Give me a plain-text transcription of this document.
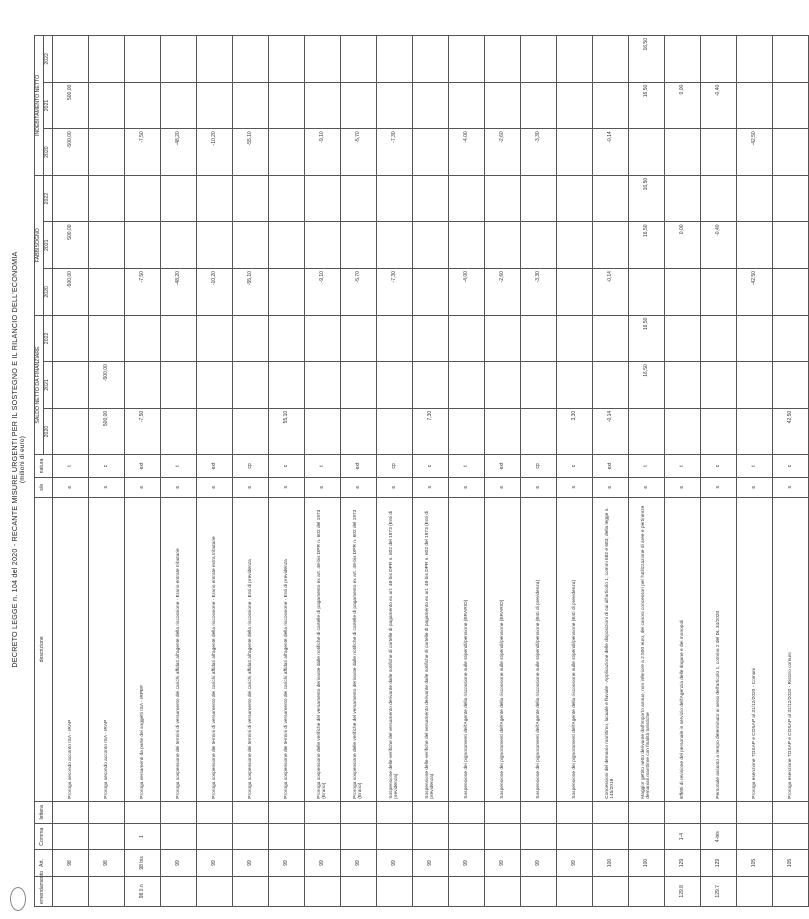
DECRETO LEGGE n. 104 del 2020 - RECANTE MISURE URGENTI PER IL SOSTEGNO E IL RILANCIO DELL'ECONOMIA (milioni di euro)
emendamento	Art.	Comma	lettera	descrizione	s/e	natura	SALDO NETTO DA FINANZIARE			FABBISOGNO			INDEBITAMENTO NETTO		
							2020	2021	2022	2020	2021	2022	2020	2021	2022
	98			Proroga secondo acconto ISA - IRAP	e	t				-500,00	500,00		-500,00	500,00	
	98			Proroga secondo acconto ISA - IRAP	s	c	500,00	-500,00							
98.0.n	98 bis	1		Proroga versamenti da parte dei soggetti ISA - IRPEF	e	ext	-7,50			-7,50			-7,50		
	99			Proroga sospensione dei termini di versamento dei carichi affidati all'agente della riscossione - Erario entrate tributarie	e	t				-48,20			-48,20		
	99			Proroga sospensione dei termini di versamento dei carichi affidati all'agente della riscossione - Erario entrate extra tributarie	e	ext				-10,20			-10,20		
	99			Proroga sospensione dei termini di versamento dei carichi affidati all'agente della riscossione - Enti di previdenza	e	cp				-55,10			-55,10		
	99			Proroga sospensione dei termini di versamento dei carichi affidati all'agente della riscossione - Enti di previdenza	s	c	55,10								
	99			Proroga sospensione delle verifiche del versamento derivante dalle notifiche di cartelle di pagamento ex art. 48-bis DPR n. 602 del 1973 (Erario)	e	t				-9,10			-9,10		
	99			Proroga sospensione delle verifiche del versamento derivante dalle notifiche di cartelle di pagamento ex art. 48-bis DPR n. 602 del 1973 (Erario)	e	ext				-5,70			-5,70		
	99			Sospensione delle verifiche del versamento derivante dalle notifiche di cartelle di pagamento ex art. 48-bis DPR n. 602 del 1973 (Enti di previdenza)	e	cp				-7,30			-7,30		
	99			Sospensione delle verifiche del versamento derivante dalle notifiche di cartelle di pagamento ex art. 48-bis DPR n. 602 del 1973 (Enti di previdenza)	s	c	7,30								
	99			Sospensione dei pignoramenti dell'Agente della riscossione sulle stipendi/pensione (ERARIO)	e	t				-4,00			-4,00		
	99			Sospensione dei pignoramenti dell'Agente della riscossione sulle stipendi/pensione (ERARIO)	e	ext				-2,60			-2,60		
	99			Sospensione dei pignoramenti dell'Agente della riscossione sulle stipendi/pensione (Enti di previdenza)	e	cp				-3,30			-3,30		
	99			Sospensione dei pignoramenti dell'Agente della riscossione sulle stipendi/pensione (Enti di previdenza)	s	c	3,30								
	100			Concessioni del demanio marittimo, lacuale e fluviale - Applicazione delle disposizioni di cui all'articolo 1, commi 682 e 683, della legge n. 145/2018	e	ext	-0,14			-0,14			-0,14		
	100			Maggior gettito netto derivante dall'importo annuo, non inferiore a 2.500 euro, dei canoni concessori per l'utilizzazione di aree e pertinenze demaniali marittime con finalità turistiche	e	t		16,50	16,50		16,50	16,50		16,50	16,50
129.8	129	1-4		Effetti di revisione del personale in servizio dell'Agenzia delle dogane e dei monopoli	e	t					0,00			0,00	
129.7	129	4-bis		Personale assunto a tempo determinato ai sensi dell'articolo 1, comma 2 del DL 34/2020	s	c					-0,40			-0,40	
	105			Proroga esenzione TOSAP e COSAP al 31/12/2020 - Comuni	e	t				-42,50			-42,50		
	105			Proroga esenzione TOSAP e COSAP al 31/12/2020 - Ristoro comuni	s	c	42,50								
